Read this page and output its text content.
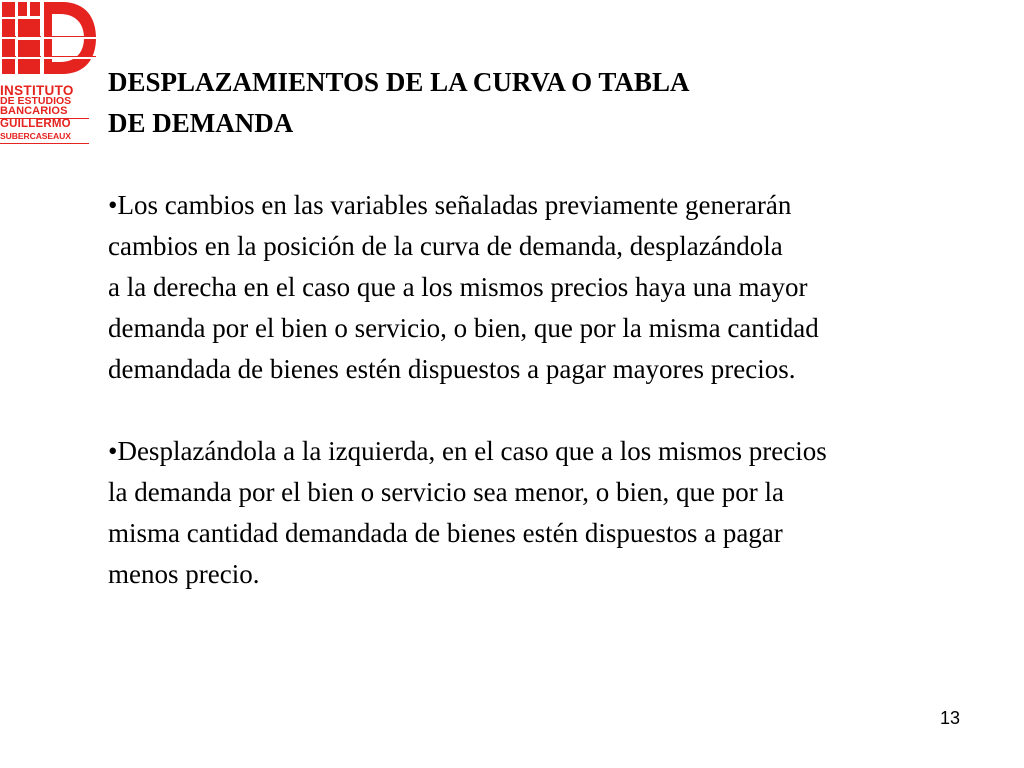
INSTITUTO
DE ESTUDIOS
BANCARIOS
GUILLERMO
SUBERCASEAUX
DESPLAZAMIENTOS DE LA CURVA O TABLA
DE DEMANDA
•Los cambios en las variables señaladas previamente generarán
cambios en la posición de la curva de demanda, desplazándola
a la derecha en el caso que a los mismos precios haya una mayor
demanda por el bien o servicio, o bien, que por la misma cantidad
demandada de bienes estén dispuestos a pagar mayores precios.
•Desplazándola a la izquierda, en el caso que a los mismos precios
la demanda por el bien o servicio sea menor, o bien, que por la
misma cantidad demandada de bienes estén dispuestos a pagar
menos precio.
13
